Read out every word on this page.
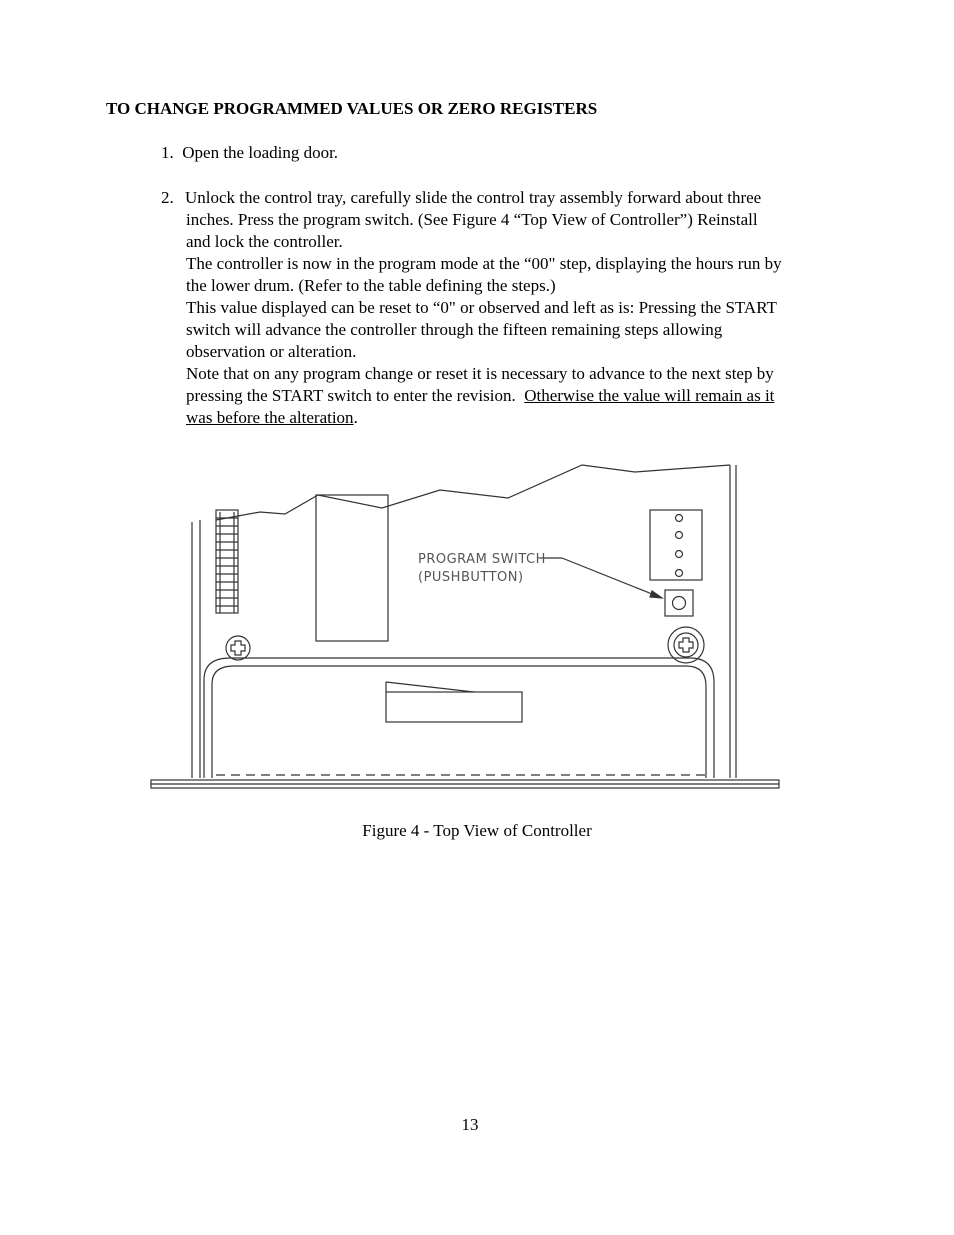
TO CHANGE PROGRAMMED VALUES OR ZERO REGISTERS
1. Open the loading door.
2. Unlock the control tray, carefully slide the control tray assembly forward about three
inches. Press the program switch. (See Figure 4 “Top View of Controller”) Reinstall
and lock the controller.
The controller is now in the program mode at the “00" step, displaying the hours run by
the lower drum. (Refer to the table defining the steps.)
This value displayed can be reset to “0" or observed and left as is: Pressing the START
switch will advance the controller through the fifteen remaining steps allowing
observation or alteration.
Note that on any program change or reset it is necessary to advance to the next step by
pressing the START switch to enter the revision.  Otherwise the value will remain as it
was before the alteration.
PROGRAM SWITCH
(PUSHBUTTON)
Figure 4 - Top View of Controller
13
